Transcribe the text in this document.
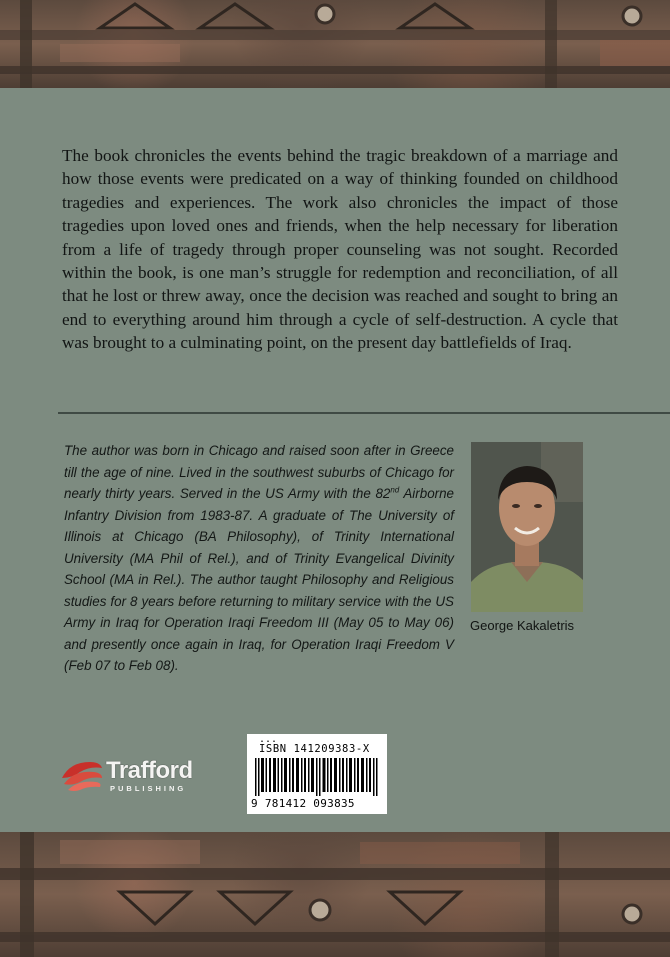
The book chronicles the events behind the tragic breakdown of a marriage and how those events were predicated on a way of thinking founded on childhood tragedies and experiences. The work also chronicles the impact of those tragedies upon loved ones and friends, when the help necessary for liberation from a life of tragedy through proper counseling was not sought. Recorded within the book, is one man’s struggle for redemption and reconciliation, of all that he lost or threw away, once the decision was reached and sought to bring an end to everything around him through a cycle of self-destruction. A cycle that was brought to a culminating point, on the present day battlefields of Iraq.

The author was born in Chicago and raised soon after in Greece till the age of nine. Lived in the southwest suburbs of Chicago for nearly thirty years. Served in the US Army with the 82nd Airborne Infantry Division from 1983-87. A graduate of The University of Illinois at Chicago (BA Philosophy), of Trinity International University (MA Phil of Rel.), and of Trinity Evangelical Divinity School (MA in Rel.). The author taught Philosophy and Religious studies for 8 years before returning to military service with the US Army in Iraq for Operation Iraqi Freedom III (May 05 to May 06) and presently once again in Iraq, for Operation Iraqi Freedom V (Feb 07 to Feb 08).

George Kakaletris
Trafford
PUBLISHING
...
ISBN 141209383-X
9 781412 093835
